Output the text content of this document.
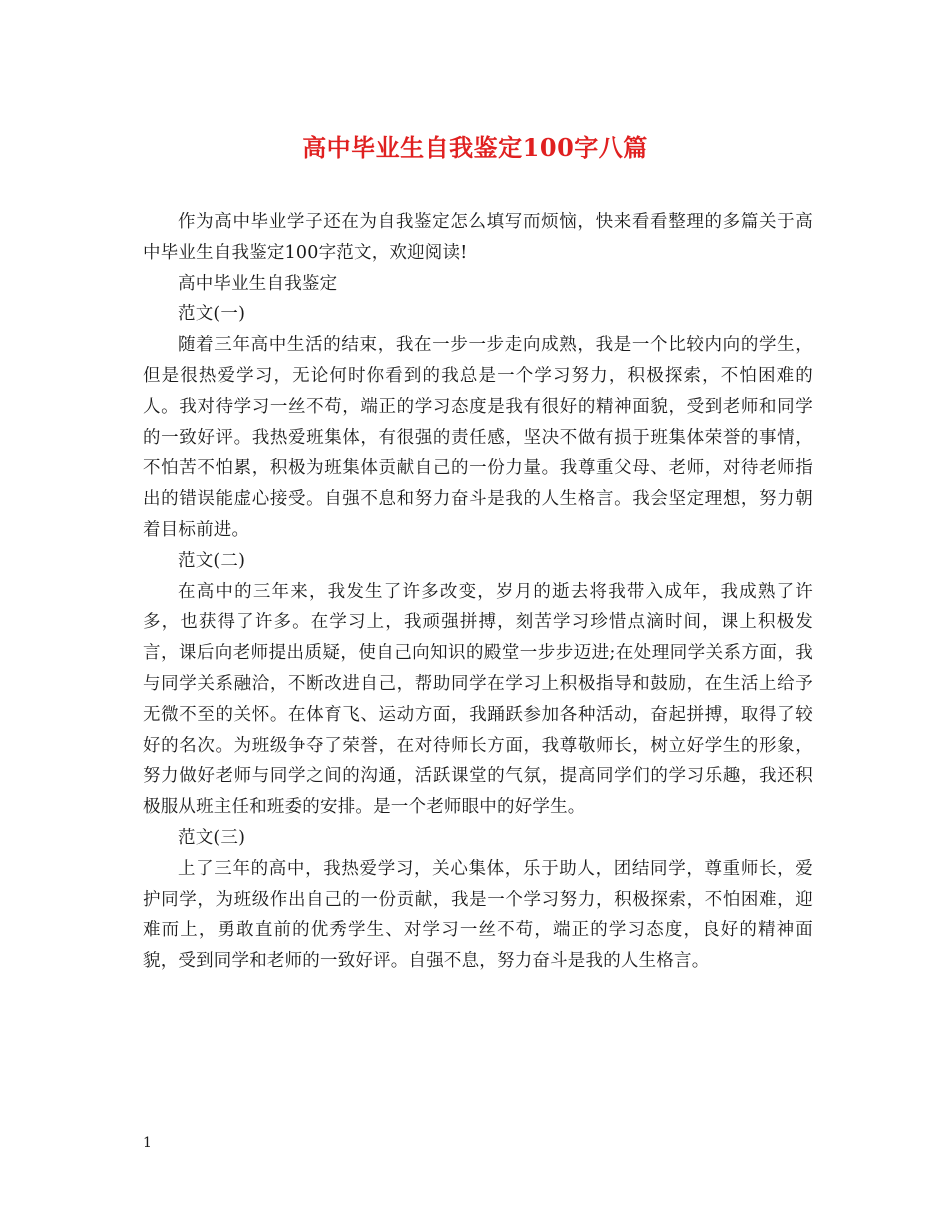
高中毕业生自我鉴定100字八篇

作为高中毕业学子还在为自我鉴定怎么填写而烦恼，快来看看整理的多篇关于高中毕业生自我鉴定100字范文，欢迎阅读!

高中毕业生自我鉴定

范文(一)

随着三年高中生活的结束，我在一步一步走向成熟，我是一个比较内向的学生，但是很热爱学习，无论何时你看到的我总是一个学习努力，积极探索，不怕困难的人。我对待学习一丝不苟，端正的学习态度是我有很好的精神面貌，受到老师和同学的一致好评。我热爱班集体，有很强的责任感，坚决不做有损于班集体荣誉的事情，不怕苦不怕累，积极为班集体贡献自己的一份力量。我尊重父母、老师，对待老师指出的错误能虚心接受。自强不息和努力奋斗是我的人生格言。我会坚定理想，努力朝着目标前进。

范文(二)

在高中的三年来，我发生了许多改变，岁月的逝去将我带入成年，我成熟了许多，也获得了许多。在学习上，我顽强拼搏，刻苦学习珍惜点滴时间，课上积极发言，课后向老师提出质疑，使自己向知识的殿堂一步步迈进;在处理同学关系方面，我与同学关系融洽，不断改进自己，帮助同学在学习上积极指导和鼓励，在生活上给予无微不至的关怀。在体育飞、运动方面，我踊跃参加各种活动，奋起拼搏，取得了较好的名次。为班级争夺了荣誉，在对待师长方面，我尊敬师长，树立好学生的形象，努力做好老师与同学之间的沟通，活跃课堂的气氛，提高同学们的学习乐趣，我还积极服从班主任和班委的安排。是一个老师眼中的好学生。

范文(三)

上了三年的高中，我热爱学习，关心集体，乐于助人，团结同学，尊重师长，爱护同学，为班级作出自己的一份贡献，我是一个学习努力，积极探索，不怕困难，迎难而上，勇敢直前的优秀学生、对学习一丝不苟，端正的学习态度，良好的精神面貌，受到同学和老师的一致好评。自强不息，努力奋斗是我的人生格言。

1
